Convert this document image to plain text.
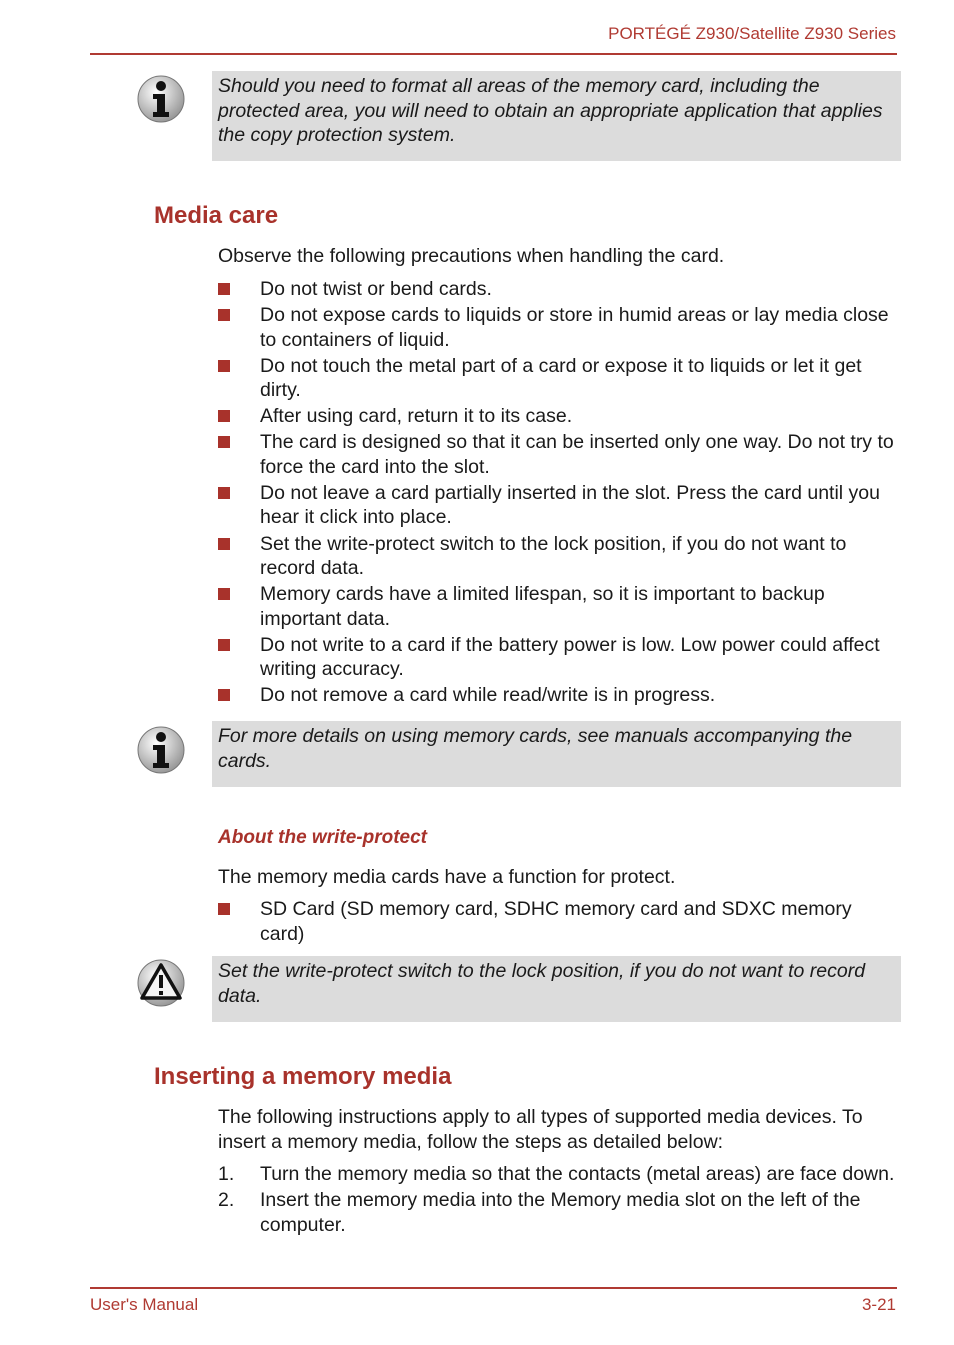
PORTÉGÉ Z930/Satellite Z930 Series
Should you need to format all areas of the memory card, including the protected area, you will need to obtain an appropriate application that applies the copy protection system.
Media care
Observe the following precautions when handling the card.
Do not twist or bend cards.
Do not expose cards to liquids or store in humid areas or lay media close to containers of liquid.
Do not touch the metal part of a card or expose it to liquids or let it get dirty.
After using card, return it to its case.
The card is designed so that it can be inserted only one way. Do not try to force the card into the slot.
Do not leave a card partially inserted in the slot. Press the card until you hear it click into place.
Set the write-protect switch to the lock position, if you do not want to record data.
Memory cards have a limited lifespan, so it is important to backup important data.
Do not write to a card if the battery power is low. Low power could affect writing accuracy.
Do not remove a card while read/write is in progress.
For more details on using memory cards, see manuals accompanying the cards.
About the write-protect
The memory media cards have a function for protect.
SD Card (SD memory card, SDHC memory card and SDXC memory card)
Set the write-protect switch to the lock position, if you do not want to record data.
Inserting a memory media
The following instructions apply to all types of supported media devices. To insert a memory media, follow the steps as detailed below:
1. Turn the memory media so that the contacts (metal areas) are face down.
2. Insert the memory media into the Memory media slot on the left of the computer.
User's Manual	3-21
